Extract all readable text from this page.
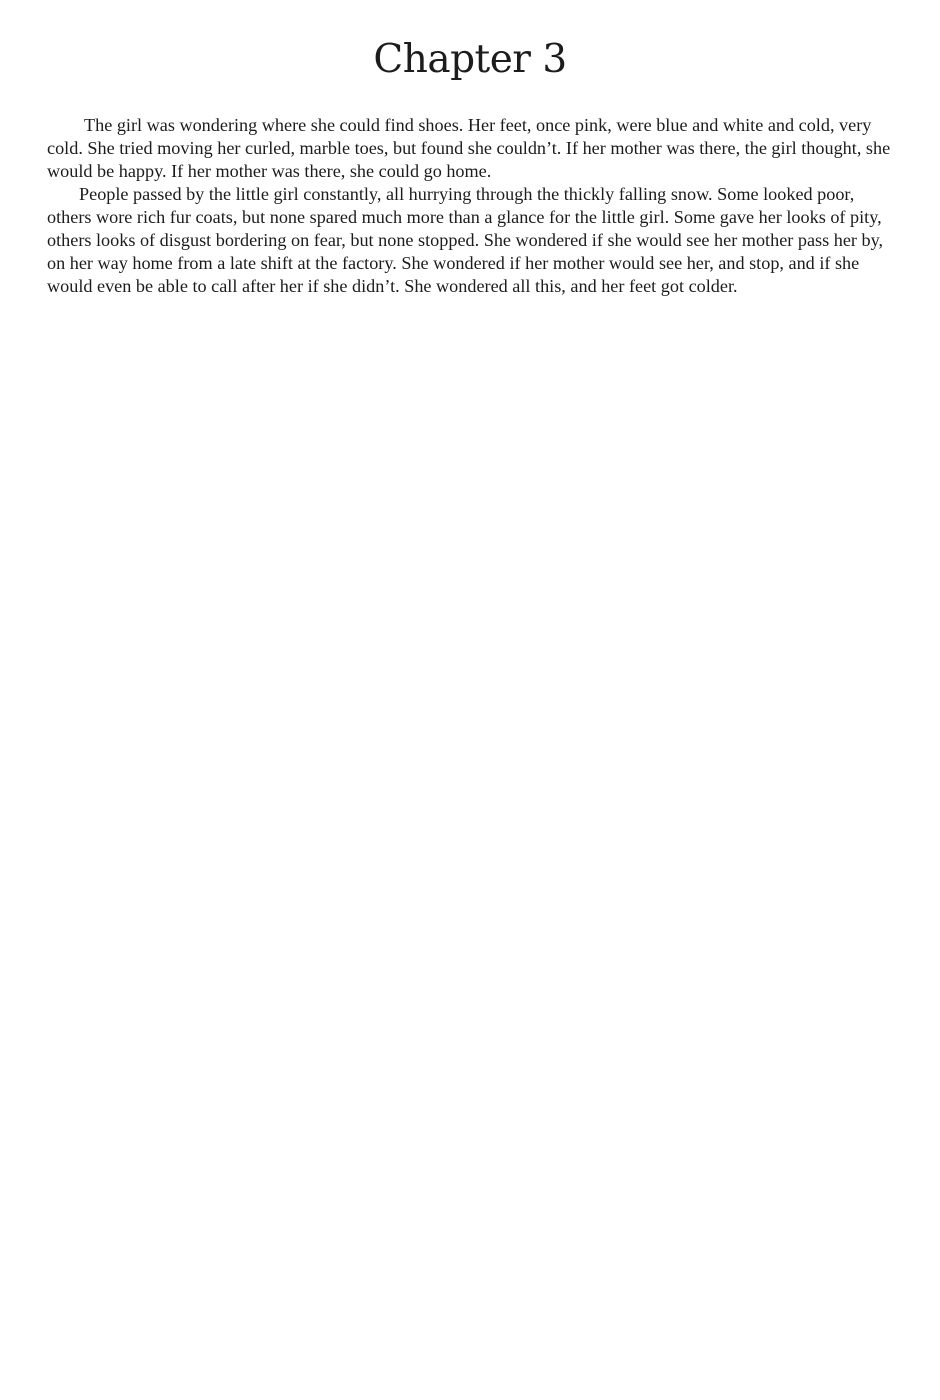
Chapter 3

The girl was wondering where she could find shoes. Her feet, once pink, were blue and white and cold, very cold. She tried moving her curled, marble toes, but found she couldn’t. If her mother was there, the girl thought, she would be happy. If her mother was there, she could go home.

People passed by the little girl constantly, all hurrying through the thickly falling snow. Some looked poor, others wore rich fur coats, but none spared much more than a glance for the little girl. Some gave her looks of pity, others looks of disgust bordering on fear, but none stopped. She wondered if she would see her mother pass her by, on her way home from a late shift at the factory. She wondered if her mother would see her, and stop, and if she would even be able to call after her if she didn’t. She wondered all this, and her feet got colder.
